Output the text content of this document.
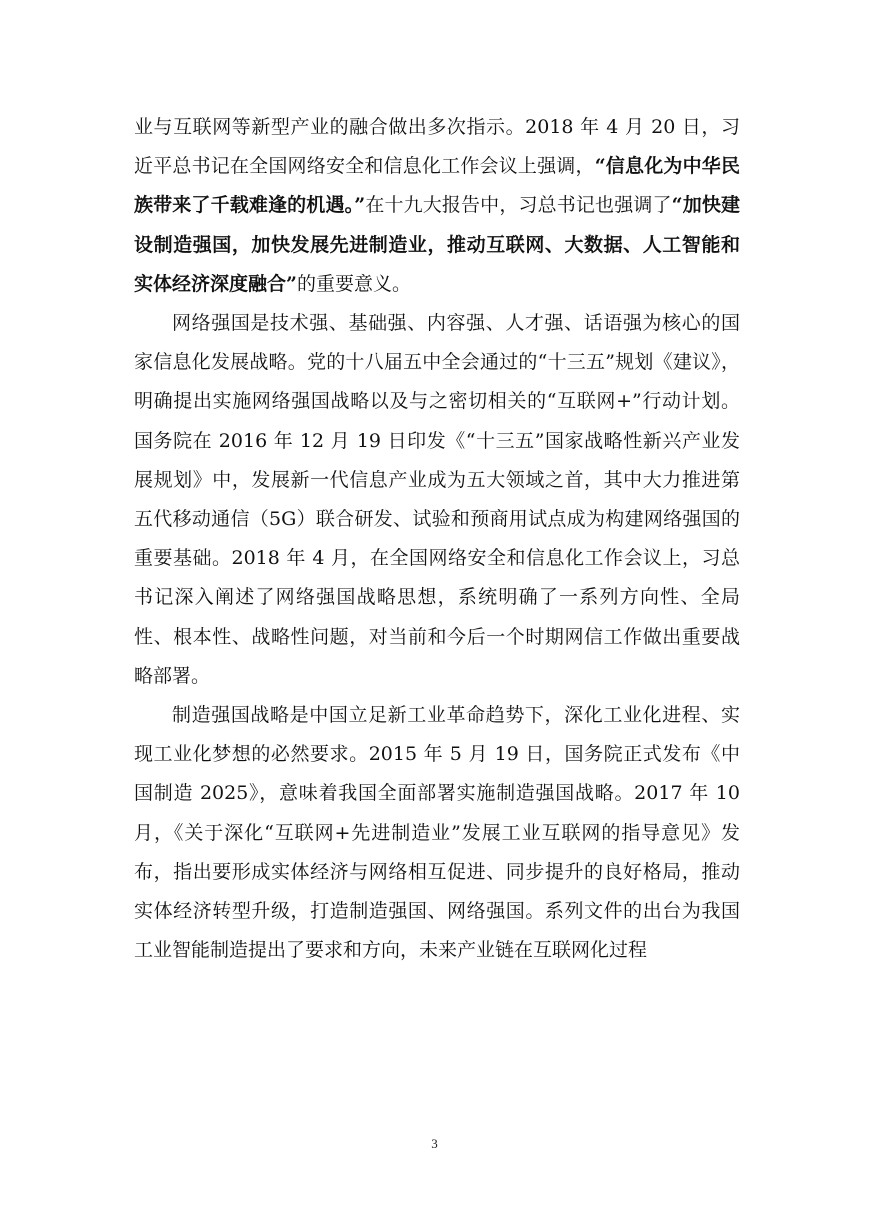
业与互联网等新型产业的融合做出多次指示。2018 年 4 月 20 日，习近平总书记在全国网络安全和信息化工作会议上强调，“信息化为中华民族带来了千载难逢的机遇。”在十九大报告中，习总书记也强调了“加快建设制造强国，加快发展先进制造业，推动互联网、大数据、人工智能和实体经济深度融合”的重要意义。

网络强国是技术强、基础强、内容强、人才强、话语强为核心的国家信息化发展战略。党的十八届五中全会通过的“十三五”规划《建议》，明确提出实施网络强国战略以及与之密切相关的“互联网+”行动计划。 国务院在 2016 年 12 月 19 日印发《“十三五”国家战略性新兴产业发展规划》中，发展新一代信息产业成为五大领域之首，其中大力推进第五代移动通信（5G）联合研发、试验和预商用试点成为构建网络强国的重要基础。2018 年 4 月，在全国网络安全和信息化工作会议上，习总书记深入阐述了网络强国战略思想，系统明确了一系列方向性、全局性、根本性、战略性问题，对当前和今后一个时期网信工作做出重要战略部署。

制造强国战略是中国立足新工业革命趋势下，深化工业化进程、实现工业化梦想的必然要求。2015 年 5 月 19 日，国务院正式发布《中国制造 2025》，意味着我国全面部署实施制造强国战略。2017 年 10 月，《关于深化“互联网+先进制造业”发展工业互联网的指导意见》发布，指出要形成实体经济与网络相互促进、同步提升的良好格局，推动实体经济转型升级，打造制造强国、网络强国。系列文件的出台为我国工业智能制造提出了要求和方向，未来产业链在互联网化过程

3
